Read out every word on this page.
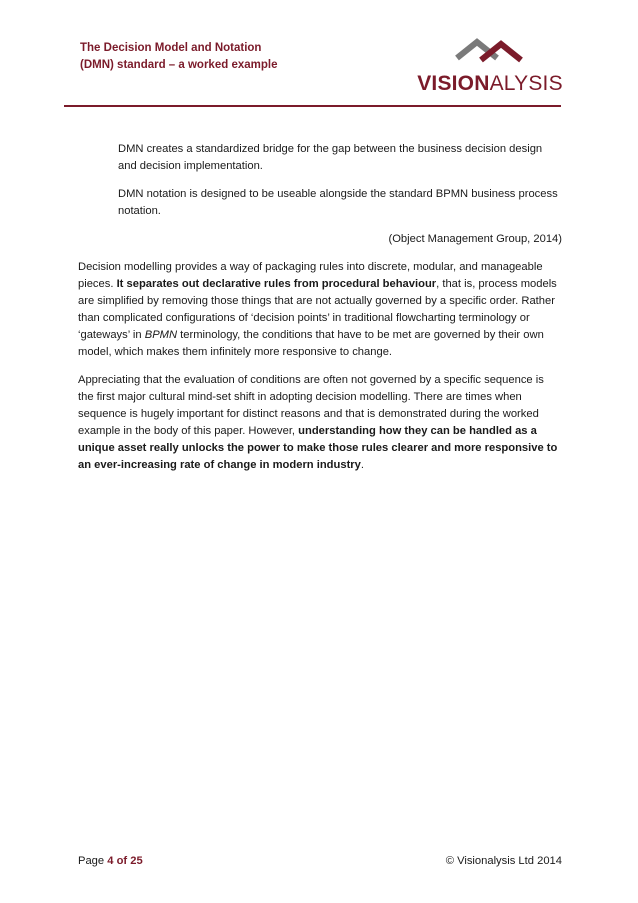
The Decision Model and Notation
(DMN) standard – a worked example
VISIONALYSIS

DMN creates a standardized bridge for the gap between the business decision design and decision implementation.

DMN notation is designed to be useable alongside the standard BPMN business process notation.

(Object Management Group, 2014)

Decision modelling provides a way of packaging rules into discrete, modular, and manageable pieces. It separates out declarative rules from procedural behaviour, that is, process models are simplified by removing those things that are not actually governed by a specific order. Rather than complicated configurations of ‘decision points’ in traditional flowcharting terminology or ‘gateways’ in BPMN terminology, the conditions that have to be met are governed by their own model, which makes them infinitely more responsive to change.

Appreciating that the evaluation of conditions are often not governed by a specific sequence is the first major cultural mind-set shift in adopting decision modelling. There are times when sequence is hugely important for distinct reasons and that is demonstrated during the worked example in the body of this paper. However, understanding how they can be handled as a unique asset really unlocks the power to make those rules clearer and more responsive to an ever-increasing rate of change in modern industry.

Page 4 of 25	© Visionalysis Ltd 2014
